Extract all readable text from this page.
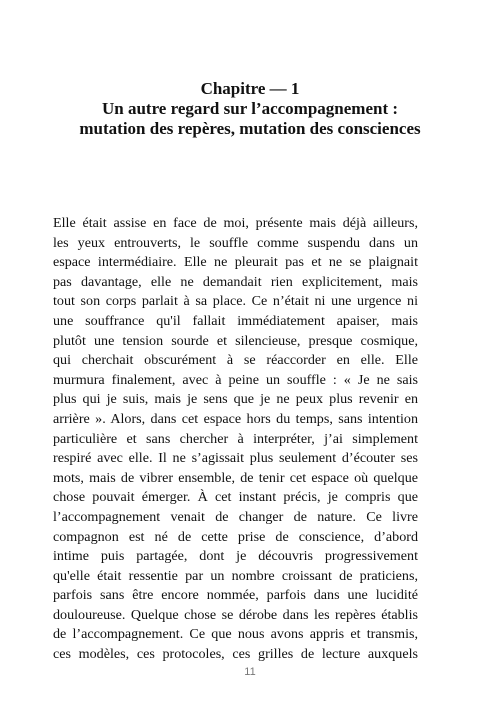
Chapitre — 1
Un autre regard sur l’accompagnement :
mutation des repères, mutation des consciences
Elle était assise en face de moi, présente mais déjà ailleurs,
les yeux entrouverts, le souffle comme suspendu dans un
espace intermédiaire. Elle ne pleurait pas et ne se plaignait
pas davantage, elle ne demandait rien explicitement, mais
tout son corps parlait à sa place. Ce n’était ni une urgence ni
une souffrance qu'il fallait immédiatement apaiser, mais
plutôt une tension sourde et silencieuse, presque cosmique,
qui cherchait obscurément à se réaccorder en elle. Elle
murmura finalement, avec à peine un souffle : « Je ne sais
plus qui je suis, mais je sens que je ne peux plus revenir en
arrière ». Alors, dans cet espace hors du temps, sans intention
particulière et sans chercher à interpréter, j’ai simplement
respiré avec elle. Il ne s’agissait plus seulement d’écouter ses
mots, mais de vibrer ensemble, de tenir cet espace où quelque
chose pouvait émerger. À cet instant précis, je compris que
l’accompagnement venait de changer de nature. Ce livre
compagnon est né de cette prise de conscience, d’abord
intime puis partagée, dont je découvris progressivement
qu'elle était ressentie par un nombre croissant de praticiens,
parfois sans être encore nommée, parfois dans une lucidité
douloureuse. Quelque chose se dérobe dans les repères établis
de l’accompagnement. Ce que nous avons appris et transmis,
ces modèles, ces protocoles, ces grilles de lecture auxquels
11
